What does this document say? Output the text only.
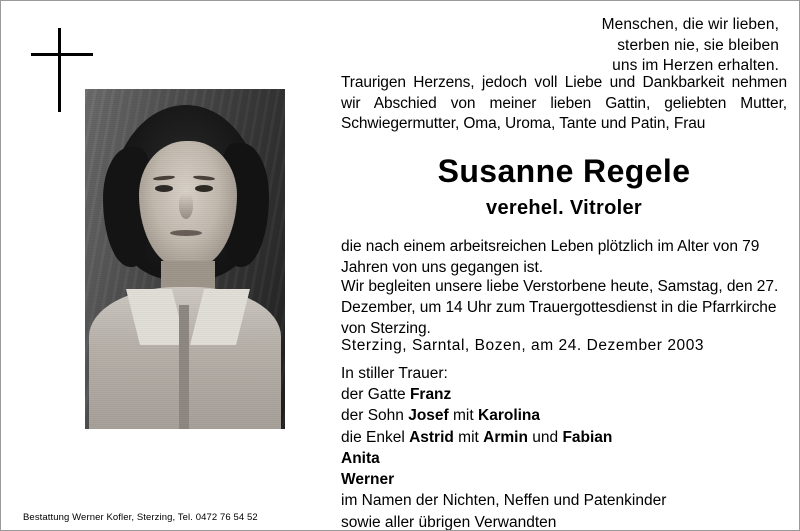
Menschen, die wir lieben,
sterben nie, sie bleiben
uns im Herzen erhalten.
Traurigen Herzens, jedoch voll Liebe und Dankbarkeit nehmen wir Abschied von meiner lieben Gattin, geliebten Mutter, Schwiegermutter, Oma, Uroma, Tante und Patin, Frau
Susanne Regele
verehel. Vitroler
die nach einem arbeitsreichen Leben plötzlich im Alter von 79 Jahren von uns gegangen ist.
Wir begleiten unsere liebe Verstorbene heute, Samstag, den 27. Dezember, um 14 Uhr zum Trauergottesdienst in die Pfarrkirche von Sterzing.
Sterzing, Sarntal, Bozen, am 24. Dezember 2003
In stiller Trauer:
der Gatte Franz
der Sohn Josef mit Karolina
die Enkel Astrid mit Armin und Fabian
Anita
Werner
im Namen der Nichten, Neffen und Patenkinder
sowie aller übrigen Verwandten
Bestattung Werner Kofler, Sterzing, Tel. 0472 76 54 52
